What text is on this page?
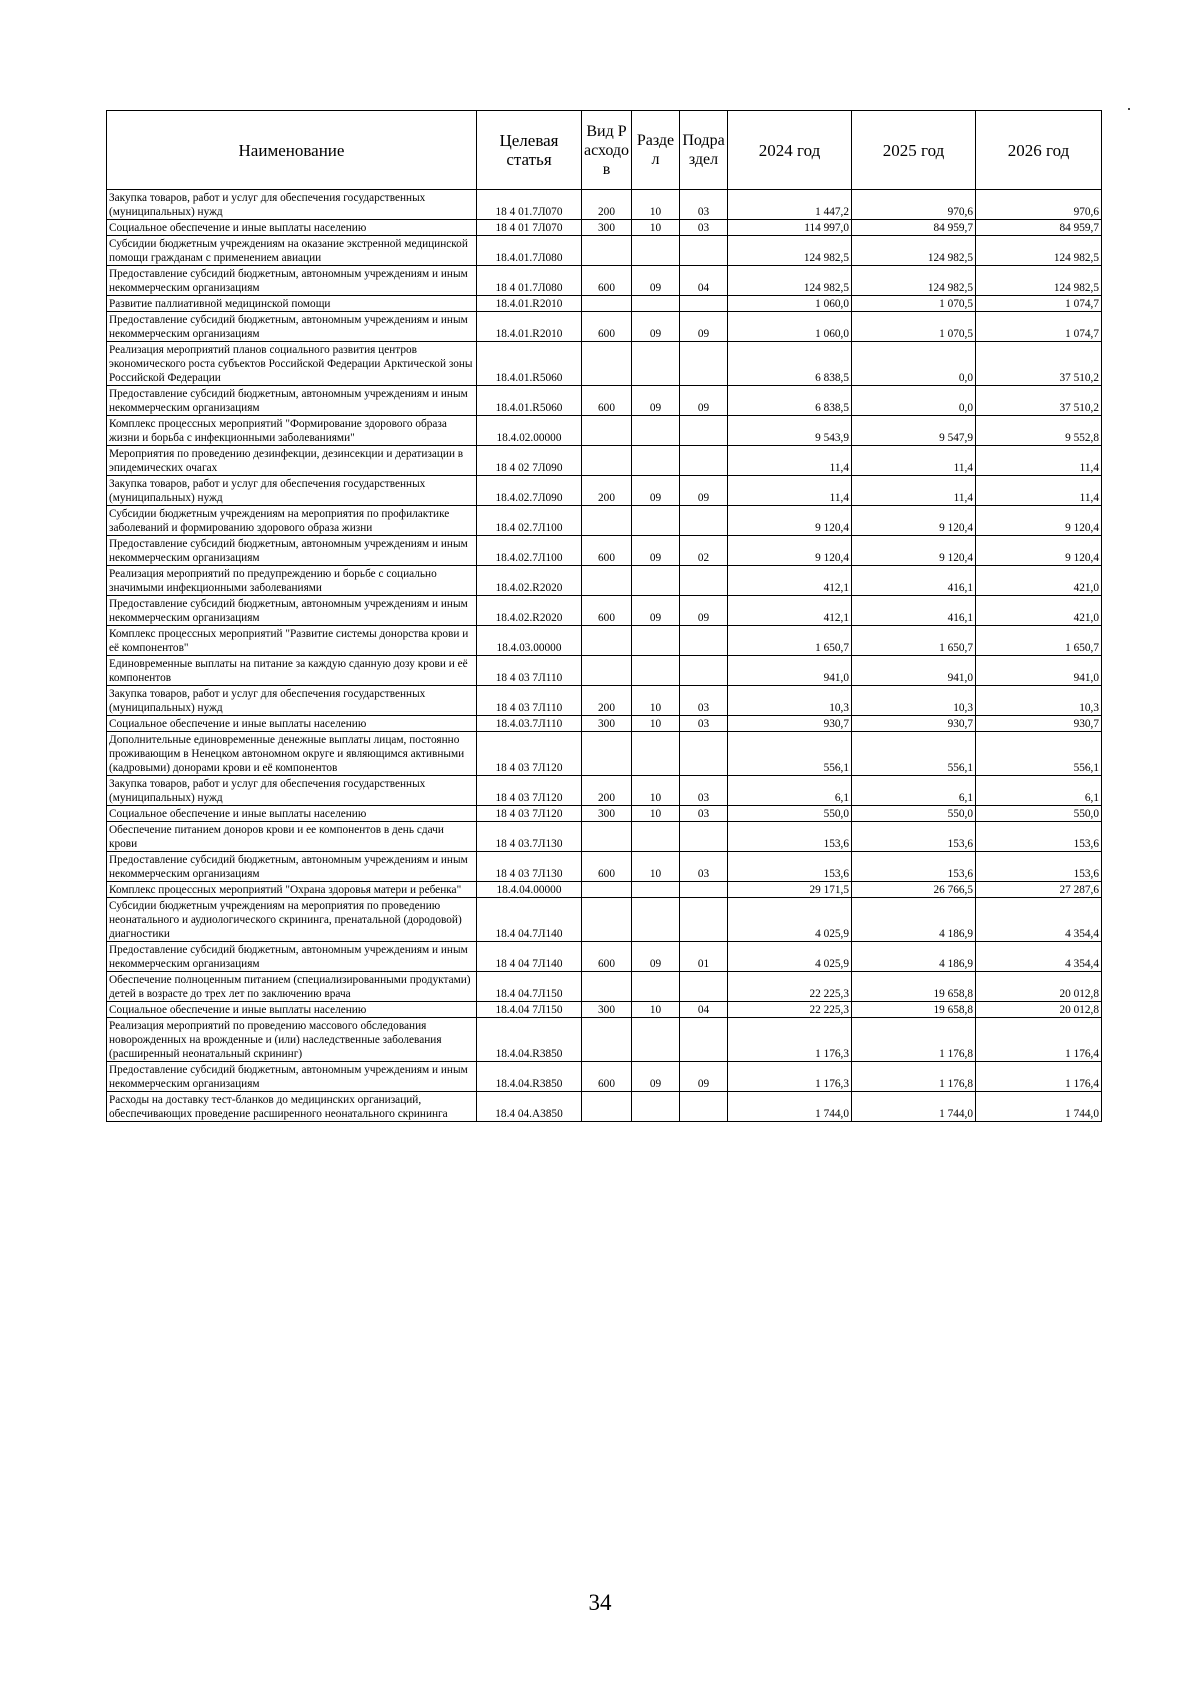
Наименование	Целевая статья	Вид Расходов	Раздел	Подраздел	2024 год	2025 год	2026 год
Закупка товаров, работ и услуг для обеспечения государственных (муниципальных) нужд	18 4 01.7Л070	200	10	03	1 447,2	970,6	970,6
Социальное обеспечение и иные выплаты населению	18 4 01 7Л070	300	10	03	114 997,0	84 959,7	84 959,7
Субсидии бюджетным учреждениям на оказание экстренной медицинской помощи гражданам с применением авиации	18.4.01.7Л080				124 982,5	124 982,5	124 982,5
Предоставление субсидий бюджетным, автономным учреждениям и иным некоммерческим организациям	18 4 01.7Л080	600	09	04	124 982,5	124 982,5	124 982,5
Развитие паллиативной медицинской помощи	18.4.01.R2010				1 060,0	1 070,5	1 074,7
Предоставление субсидий бюджетным, автономным учреждениям и иным некоммерческим организациям	18.4.01.R2010	600	09	09	1 060,0	1 070,5	1 074,7
Реализация мероприятий планов социального развития центров экономического роста субъектов Российской Федерации Арктической зоны Российской Федерации	18.4.01.R5060				6 838,5	0,0	37 510,2
Предоставление субсидий бюджетным, автономным учреждениям и иным некоммерческим организациям	18.4.01.R5060	600	09	09	6 838,5	0,0	37 510,2
Комплекс процессных мероприятий "Формирование здорового образа жизни и борьба с инфекционными заболеваниями"	18.4.02.00000				9 543,9	9 547,9	9 552,8
Мероприятия по проведению дезинфекции, дезинсекции и дератизации в эпидемических очагах	18 4 02 7Л090				11,4	11,4	11,4
Закупка товаров, работ и услуг для обеспечения государственных (муниципальных) нужд	18.4.02.7Л090	200	09	09	11,4	11,4	11,4
Субсидии бюджетным учреждениям на мероприятия по профилактике заболеваний и формированию здорового образа жизни	18.4 02.7Л100				9 120,4	9 120,4	9 120,4
Предоставление субсидий бюджетным, автономным учреждениям и иным некоммерческим организациям	18.4.02.7Л100	600	09	02	9 120,4	9 120,4	9 120,4
Реализация мероприятий по предупреждению и борьбе с социально значимыми инфекционными заболеваниями	18.4.02.R2020				412,1	416,1	421,0
Предоставление субсидий бюджетным, автономным учреждениям и иным некоммерческим организациям	18.4.02.R2020	600	09	09	412,1	416,1	421,0
Комплекс процессных мероприятий "Развитие системы донорства крови и её компонентов"	18.4.03.00000				1 650,7	1 650,7	1 650,7
Единовременные выплаты на питание за каждую сданную дозу крови и её компонентов	18 4 03 7Л110				941,0	941,0	941,0
Закупка товаров, работ и услуг для обеспечения государственных (муниципальных) нужд	18 4 03 7Л110	200	10	03	10,3	10,3	10,3
Социальное обеспечение и иные выплаты населению	18.4.03.7Л110	300	10	03	930,7	930,7	930,7
Дополнительные единовременные денежные выплаты лицам, постоянно проживающим в Ненецком автономном округе и являющимся активными (кадровыми) донорами крови и её компонентов	18 4 03 7Л120				556,1	556,1	556,1
Закупка товаров, работ и услуг для обеспечения государственных (муниципальных) нужд	18 4 03 7Л120	200	10	03	6,1	6,1	6,1
Социальное обеспечение и иные выплаты населению	18 4 03 7Л120	300	10	03	550,0	550,0	550,0
Обеспечение питанием доноров крови и ее компонентов в день сдачи крови	18 4 03.7Л130				153,6	153,6	153,6
Предоставление субсидий бюджетным, автономным учреждениям и иным некоммерческим организациям	18 4 03 7Л130	600	10	03	153,6	153,6	153,6
Комплекс процессных мероприятий "Охрана здоровья матери и ребенка"	18.4.04.00000				29 171,5	26 766,5	27 287,6
Субсидии бюджетным учреждениям на мероприятия по проведению неонатального и аудиологического скрининга, пренатальной (дородовой) диагностики	18.4 04.7Л140				4 025,9	4 186,9	4 354,4
Предоставление субсидий бюджетным, автономным учреждениям и иным некоммерческим организациям	18 4 04 7Л140	600	09	01	4 025,9	4 186,9	4 354,4
Обеспечение полноценным питанием (специализированными продуктами) детей в возрасте до трех лет по заключению врача	18.4 04.7Л150				22 225,3	19 658,8	20 012,8
Социальное обеспечение и иные выплаты населению	18.4.04 7Л150	300	10	04	22 225,3	19 658,8	20 012,8
Реализация мероприятий по проведению массового обследования новорожденных на врожденные и (или) наследственные заболевания (расширенный неонатальный скрининг)	18.4.04.R3850				1 176,3	1 176,8	1 176,4
Предоставление субсидий бюджетным, автономным учреждениям и иным некоммерческим организациям	18.4.04.R3850	600	09	09	1 176,3	1 176,8	1 176,4
Расходы на доставку тест-бланков до медицинских организаций, обеспечивающих проведение расширенного неонатального скрининга	18.4 04.А3850				1 744,0	1 744,0	1 744,0
34
